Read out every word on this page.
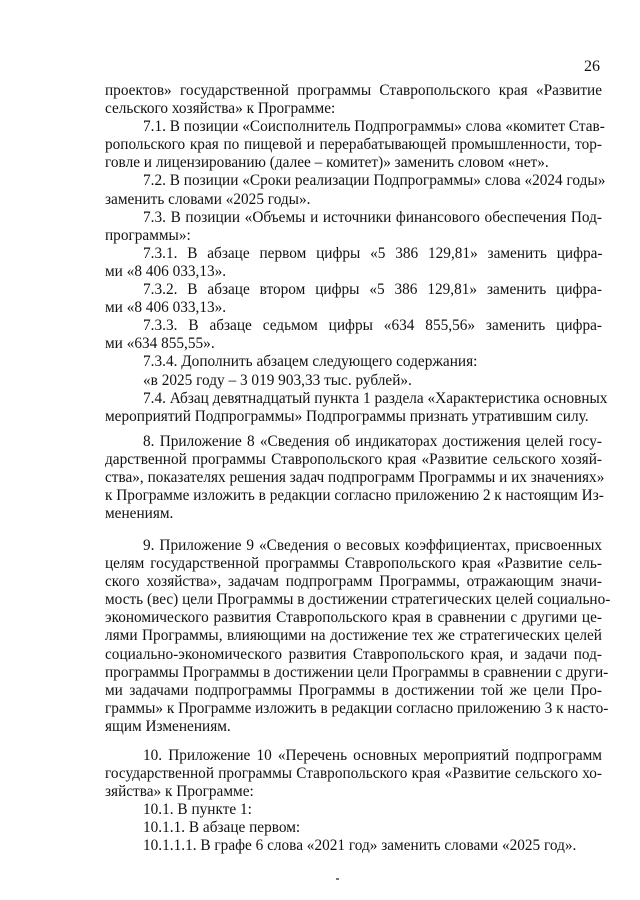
26
проектов» государственной программы Ставропольского края «Развитие
сельского хозяйства» к Программе:
7.1. В позиции «Соисполнитель Подпрограммы» слова «комитет Став-
ропольского края по пищевой и перерабатывающей промышленности, тор-
говле и лицензированию (далее – комитет)» заменить словом «нет».
7.2. В позиции «Сроки реализации Подпрограммы» слова «2024 годы»
заменить словами «2025 годы».
7.3. В позиции «Объемы и источники финансового обеспечения Под-
программы»:
7.3.1. В абзаце первом цифры «5 386 129,81» заменить цифра-
ми «8 406 033,13».
7.3.2. В абзаце втором цифры «5 386 129,81» заменить цифра-
ми «8 406 033,13».
7.3.3. В абзаце седьмом цифры «634 855,56» заменить цифра-
ми «634 855,55».
7.3.4. Дополнить абзацем следующего содержания:
«в 2025 году – 3 019 903,33 тыс. рублей».
7.4. Абзац девятнадцатый пункта 1 раздела «Характеристика основных
мероприятий Подпрограммы» Подпрограммы признать утратившим силу.
8. Приложение 8 «Сведения об индикаторах достижения целей госу-
дарственной программы Ставропольского края «Развитие сельского хозяй-
ства», показателях решения задач подпрограмм Программы и их значениях»
к Программе изложить в редакции согласно приложению 2 к настоящим Из-
менениям.
9. Приложение 9 «Сведения о весовых коэффициентах, присвоенных
целям государственной программы Ставропольского края «Развитие сель-
ского хозяйства», задачам подпрограмм Программы, отражающим значи-
мость (вес) цели Программы в достижении стратегических целей социально-
экономического развития Ставропольского края в сравнении с другими це-
лями Программы, влияющими на достижение тех же стратегических целей
социально-экономического развития Ставропольского края, и задачи под-
программы Программы в достижении цели Программы в сравнении с други-
ми задачами подпрограммы Программы в достижении той же цели Про-
граммы» к Программе изложить в редакции согласно приложению 3 к насто-
ящим Изменениям.
10. Приложение 10 «Перечень основных мероприятий подпрограмм
государственной программы Ставропольского края «Развитие сельского хо-
зяйства» к Программе:
10.1. В пункте 1:
10.1.1. В абзаце первом:
10.1.1.1. В графе 6 слова «2021 год» заменить словами «2025 год».
